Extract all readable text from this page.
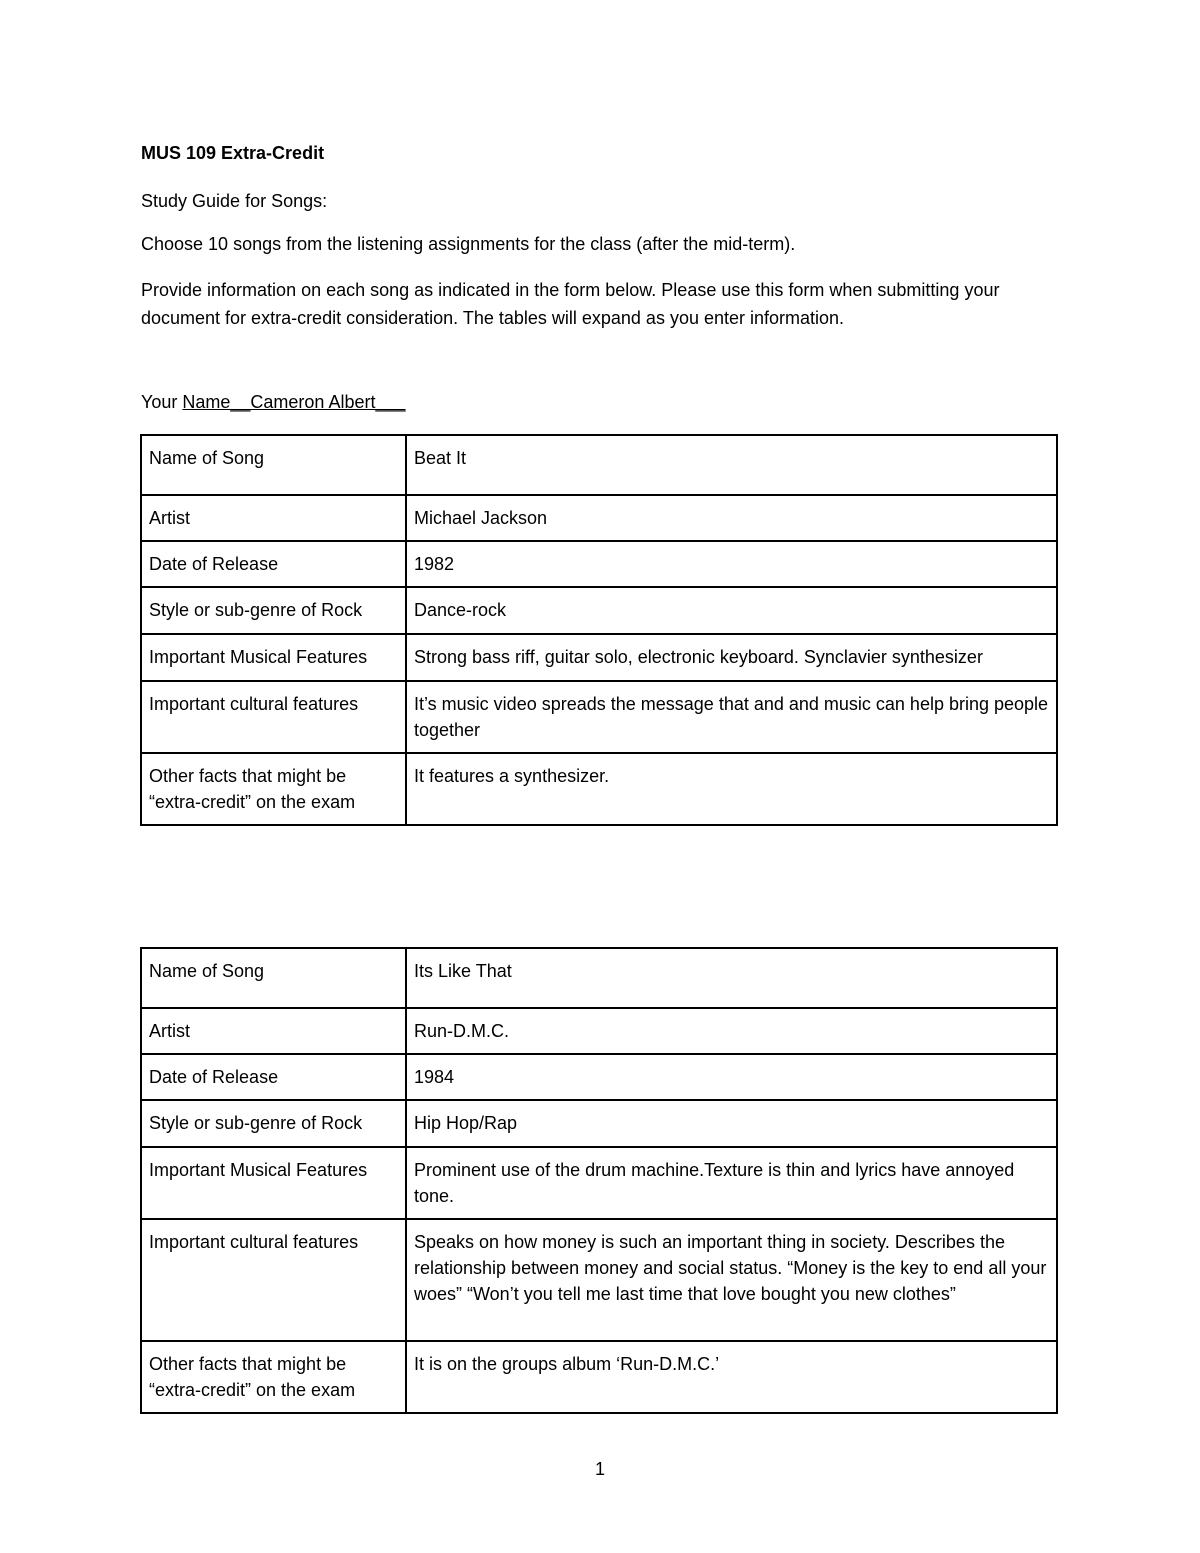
MUS 109 Extra-Credit

Study Guide for Songs:

Choose 10 songs from the listening assignments for the class (after the mid-term).

Provide information on each song as indicated in the form below. Please use this form when submitting your document for extra-credit consideration. The tables will expand as you enter information.

Your Name__Cameron Albert___

Name of Song	Beat It
Artist	Michael Jackson
Date of Release	1982
Style or sub-genre of Rock	Dance-rock
Important Musical Features	Strong bass riff, guitar solo, electronic keyboard. Synclavier synthesizer
Important cultural features	It’s music video spreads the message that and and music can help bring people together
Other facts that might be “extra-credit” on the exam	It features a synthesizer.
Name of Song	Its Like That
Artist	Run-D.M.C.
Date of Release	1984
Style or sub-genre of Rock	Hip Hop/Rap
Important Musical Features	Prominent use of the drum machine.Texture is thin and lyrics have annoyed tone.
Important cultural features	Speaks on how money is such an important thing in society. Describes the relationship between money and social status. “Money is the key to end all your woes” “Won’t you tell me last time that love bought you new clothes”
Other facts that might be “extra-credit” on the exam	It is on the groups album ‘Run-D.M.C.’

1
